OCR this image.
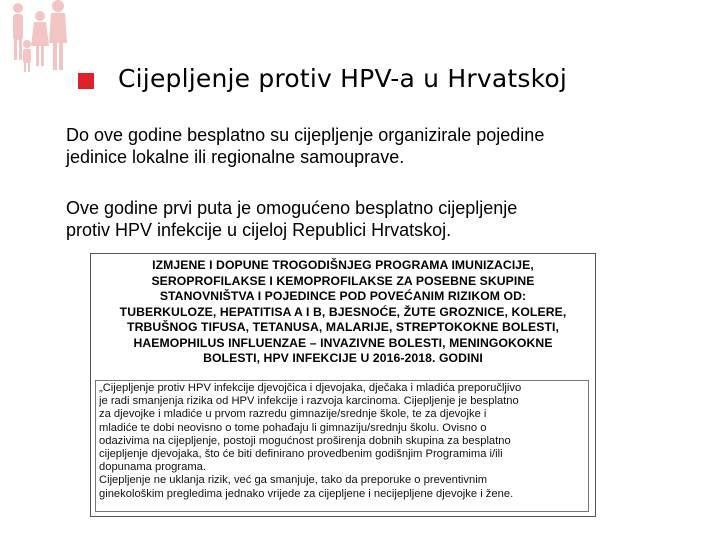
Cijepljenje protiv HPV-a u Hrvatskoj
Do ove godine besplatno su cijepljenje organizirale pojedine
jedinice lokalne ili regionalne samouprave.
Ove godine prvi puta je omogućeno besplatno cijepljenje
protiv HPV infekcije u cijeloj Republici Hrvatskoj.
IZMJENE I DOPUNE TROGODIŠNJEG PROGRAMA IMUNIZACIJE,
SEROPROFILAKSE I KEMOPROFILAKSE ZA POSEBNE SKUPINE
STANOVNIŠTVA I POJEDINCE POD POVEĆANIM RIZIKOM OD:
TUBERKULOZE, HEPATITISA A I B, BJESNOĆE, ŽUTE GROZNICE, KOLERE,
TRBUŠNOG TIFUSA, TETANUSA, MALARIJE, STREPTOKOKNE BOLESTI,
HAEMOPHILUS INFLUENZAE – INVAZIVNE BOLESTI, MENINGOKOKNE
BOLESTI, HPV INFEKCIJE U 2016-2018. GODINI
„Cijepljenje protiv HPV infekcije djevojčica i djevojaka, dječaka i mladića preporučljivo
je radi smanjenja rizika od HPV infekcije i razvoja karcinoma. Cijepljenje je besplatno
za djevojke i mladiće u prvom razredu gimnazije/srednje škole, te za djevojke i
mladiće te dobi neovisno o tome pohađaju li gimnaziju/srednju školu. Ovisno o
odazivima na cijepljenje, postoji mogućnost proširenja dobnih skupina za besplatno
cijepljenje djevojaka, što će biti definirano provedbenim godišnjim Programima i/ili
dopunama programa.
Cijepljenje ne uklanja rizik, već ga smanjuje, tako da preporuke o preventivnim
ginekološkim pregledima jednako vrijede za cijepljene i necijepljene djevojke i žene.
